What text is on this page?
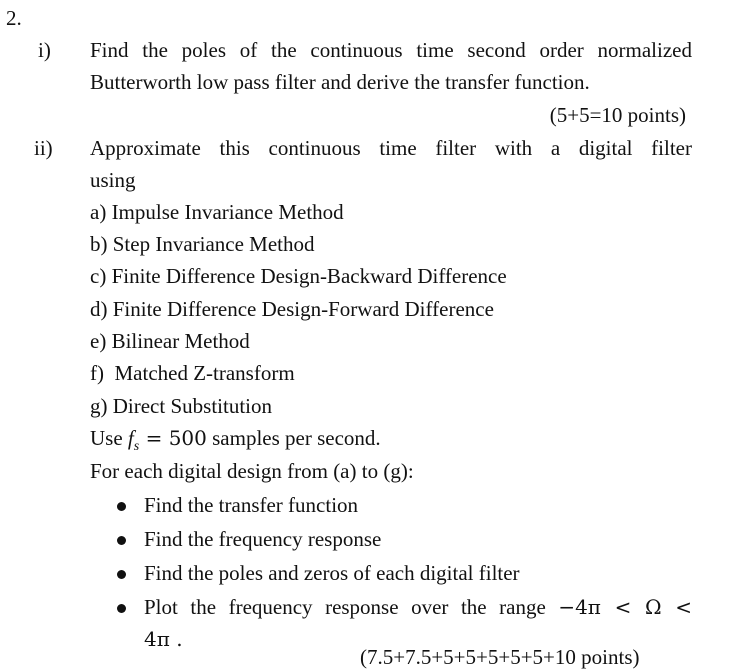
2.
i) Find the poles of the continuous time second order normalized
Butterworth low pass filter and derive the transfer function.
(5+5=10 points)
ii) Approximate this continuous time filter with a digital filter
using
a) Impulse Invariance Method
b) Step Invariance Method
c) Finite Difference Design-Backward Difference
d) Finite Difference Design-Forward Difference
e) Bilinear Method
f)  Matched Z-transform
g) Direct Substitution
Use $f_s = 500$ samples per second.
For each digital design from (a) to (g):
Find the transfer function
Find the frequency response
Find the poles and zeros of each digital filter
Plot the frequency response over the range −4π < Ω <
4π .
(7.5+7.5+5+5+5+5+5+10 points)
